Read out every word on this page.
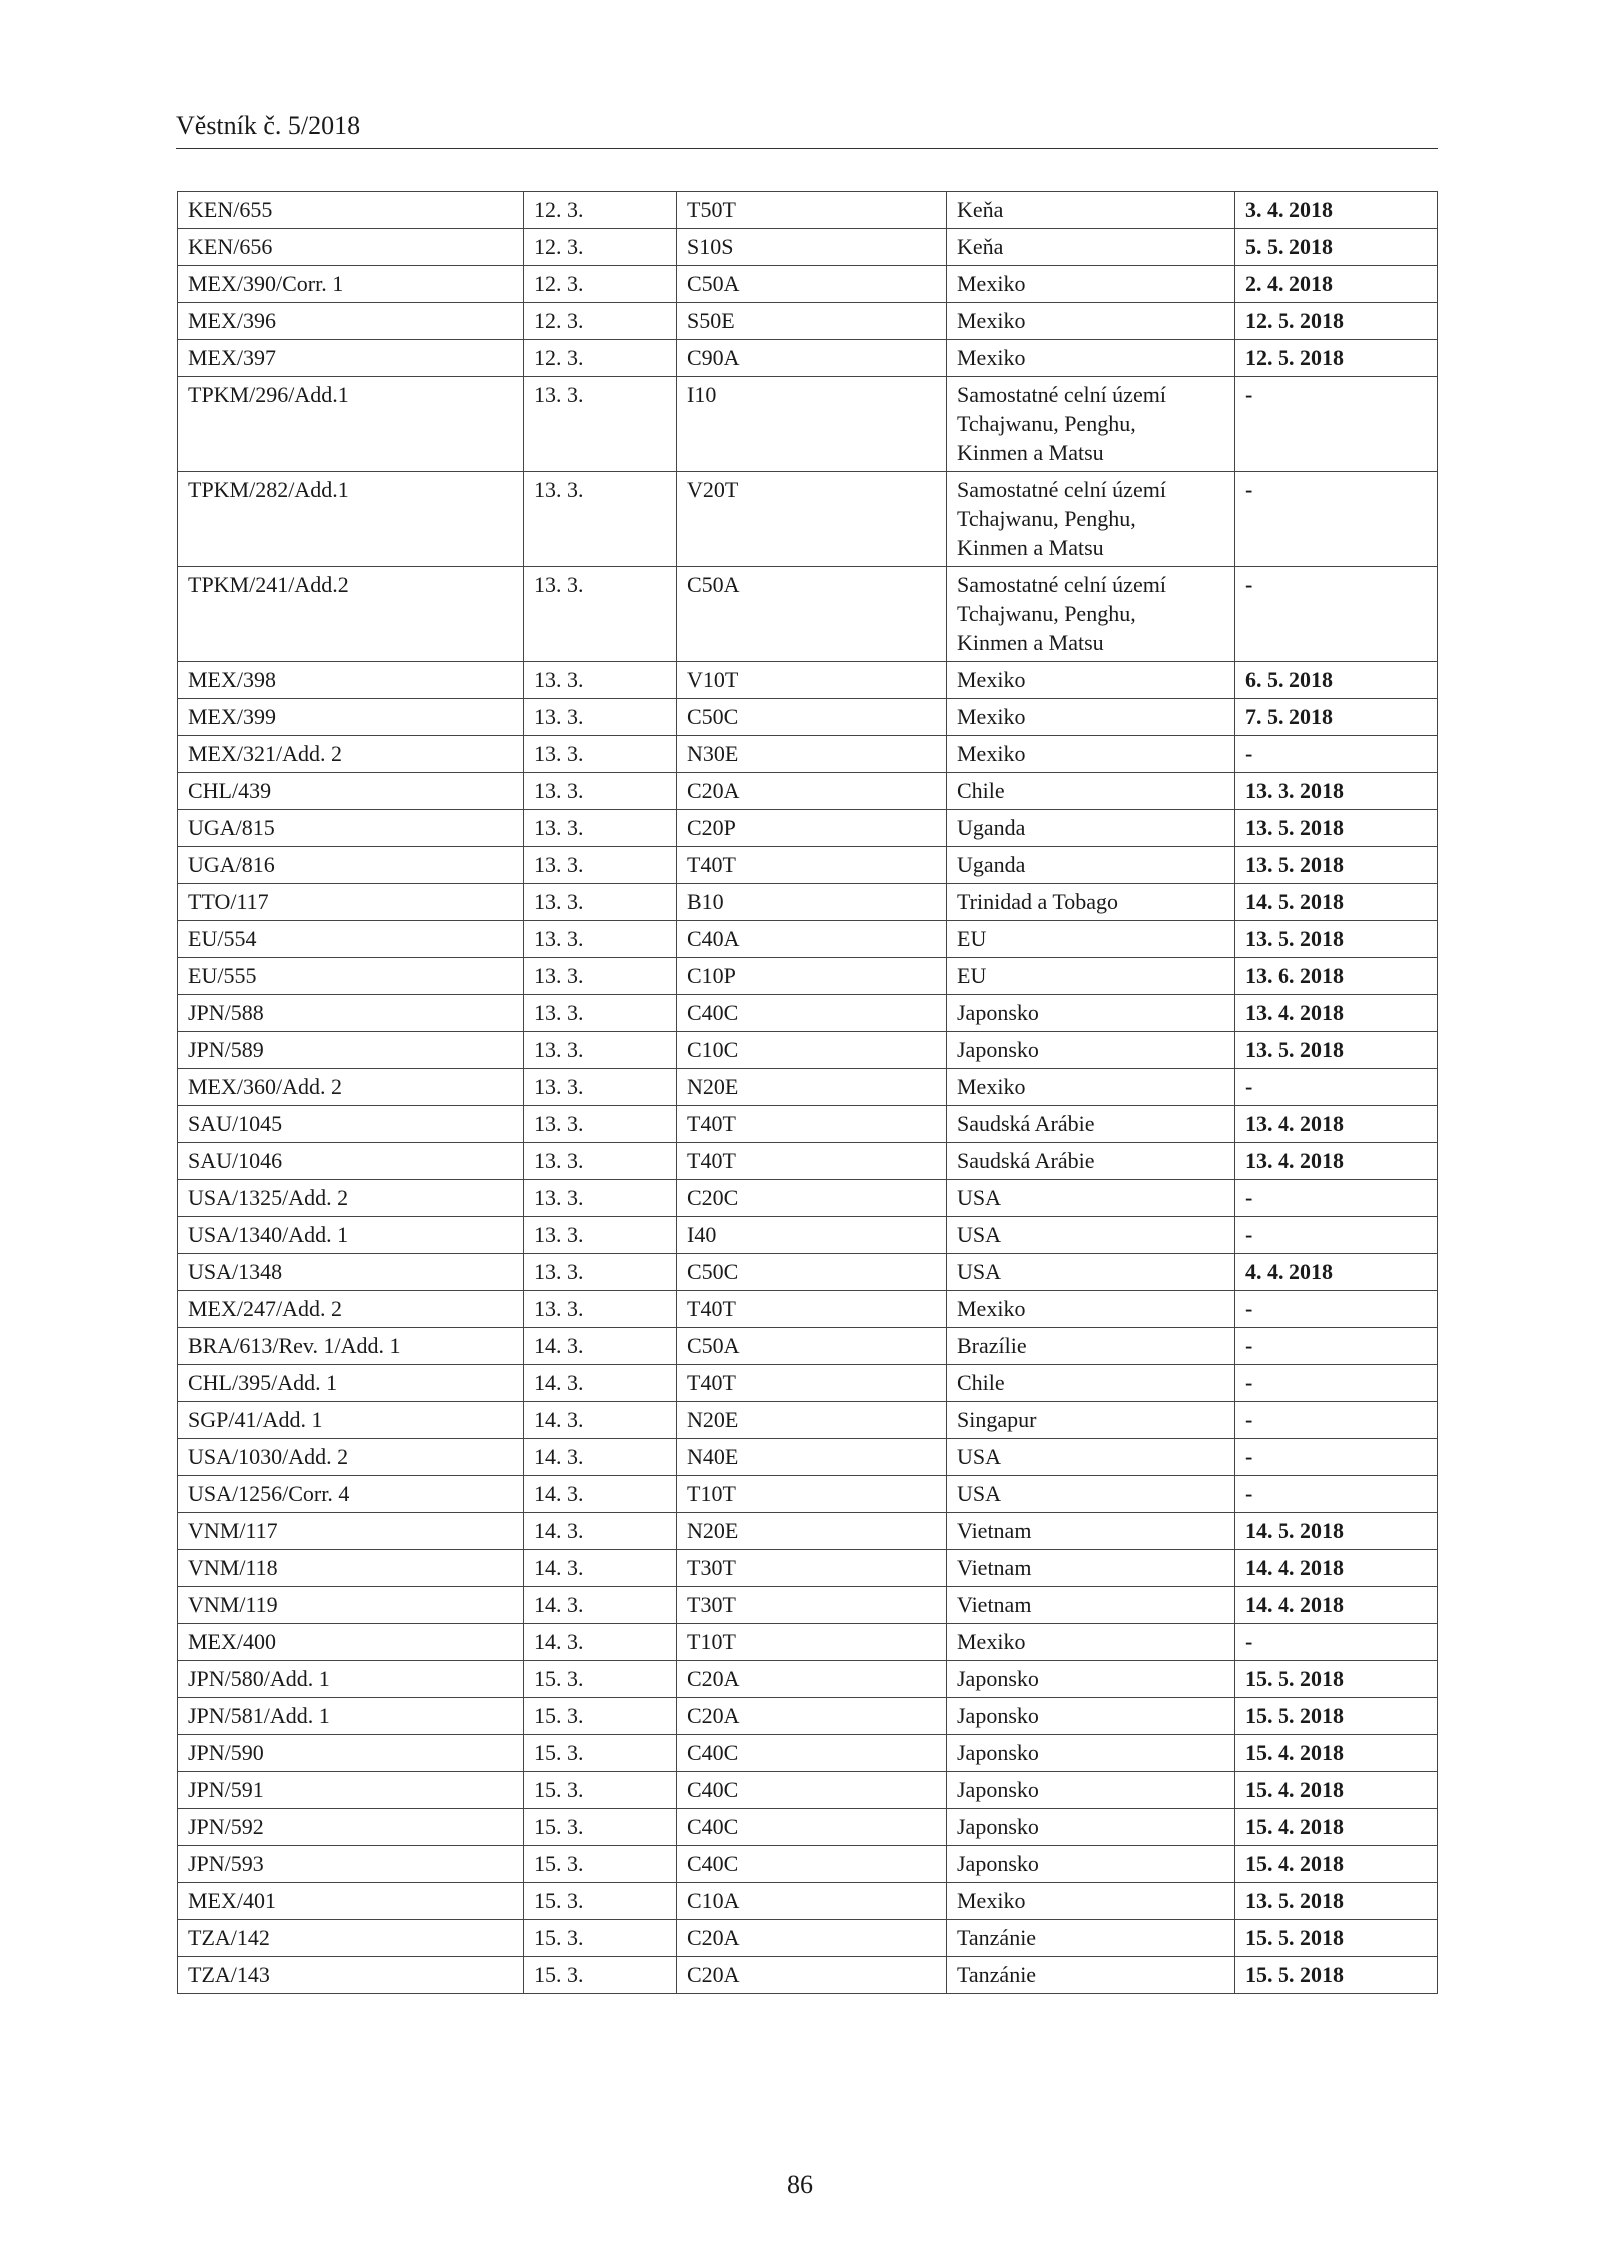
Věstník č. 5/2018
KEN/655	12. 3.	T50T	Keňa	3. 4. 2018
KEN/656	12. 3.	S10S	Keňa	5. 5. 2018
MEX/390/Corr. 1	12. 3.	C50A	Mexiko	2. 4. 2018
MEX/396	12. 3.	S50E	Mexiko	12. 5. 2018
MEX/397	12. 3.	C90A	Mexiko	12. 5. 2018
TPKM/296/Add.1	13. 3.	I10	Samostatné celní území
Tchajwanu, Penghu,
Kinmen a Matsu	-
TPKM/282/Add.1	13. 3.	V20T	Samostatné celní území
Tchajwanu, Penghu,
Kinmen a Matsu	-
TPKM/241/Add.2	13. 3.	C50A	Samostatné celní území
Tchajwanu, Penghu,
Kinmen a Matsu	-
MEX/398	13. 3.	V10T	Mexiko	6. 5. 2018
MEX/399	13. 3.	C50C	Mexiko	7. 5. 2018
MEX/321/Add. 2	13. 3.	N30E	Mexiko	-
CHL/439	13. 3.	C20A	Chile	13. 3. 2018
UGA/815	13. 3.	C20P	Uganda	13. 5. 2018
UGA/816	13. 3.	T40T	Uganda	13. 5. 2018
TTO/117	13. 3.	B10	Trinidad a Tobago	14. 5. 2018
EU/554	13. 3.	C40A	EU	13. 5. 2018
EU/555	13. 3.	C10P	EU	13. 6. 2018
JPN/588	13. 3.	C40C	Japonsko	13. 4. 2018
JPN/589	13. 3.	C10C	Japonsko	13. 5. 2018
MEX/360/Add. 2	13. 3.	N20E	Mexiko	-
SAU/1045	13. 3.	T40T	Saudská Arábie	13. 4. 2018
SAU/1046	13. 3.	T40T	Saudská Arábie	13. 4. 2018
USA/1325/Add. 2	13. 3.	C20C	USA	-
USA/1340/Add. 1	13. 3.	I40	USA	-
USA/1348	13. 3.	C50C	USA	4. 4. 2018
MEX/247/Add. 2	13. 3.	T40T	Mexiko	-
BRA/613/Rev. 1/Add. 1	14. 3.	C50A	Brazílie	-
CHL/395/Add. 1	14. 3.	T40T	Chile	-
SGP/41/Add. 1	14. 3.	N20E	Singapur	-
USA/1030/Add. 2	14. 3.	N40E	USA	-
USA/1256/Corr. 4	14. 3.	T10T	USA	-
VNM/117	14. 3.	N20E	Vietnam	14. 5. 2018
VNM/118	14. 3.	T30T	Vietnam	14. 4. 2018
VNM/119	14. 3.	T30T	Vietnam	14. 4. 2018
MEX/400	14. 3.	T10T	Mexiko	-
JPN/580/Add. 1	15. 3.	C20A	Japonsko	15. 5. 2018
JPN/581/Add. 1	15. 3.	C20A	Japonsko	15. 5. 2018
JPN/590	15. 3.	C40C	Japonsko	15. 4. 2018
JPN/591	15. 3.	C40C	Japonsko	15. 4. 2018
JPN/592	15. 3.	C40C	Japonsko	15. 4. 2018
JPN/593	15. 3.	C40C	Japonsko	15. 4. 2018
MEX/401	15. 3.	C10A	Mexiko	13. 5. 2018
TZA/142	15. 3.	C20A	Tanzánie	15. 5. 2018
TZA/143	15. 3.	C20A	Tanzánie	15. 5. 2018
86
